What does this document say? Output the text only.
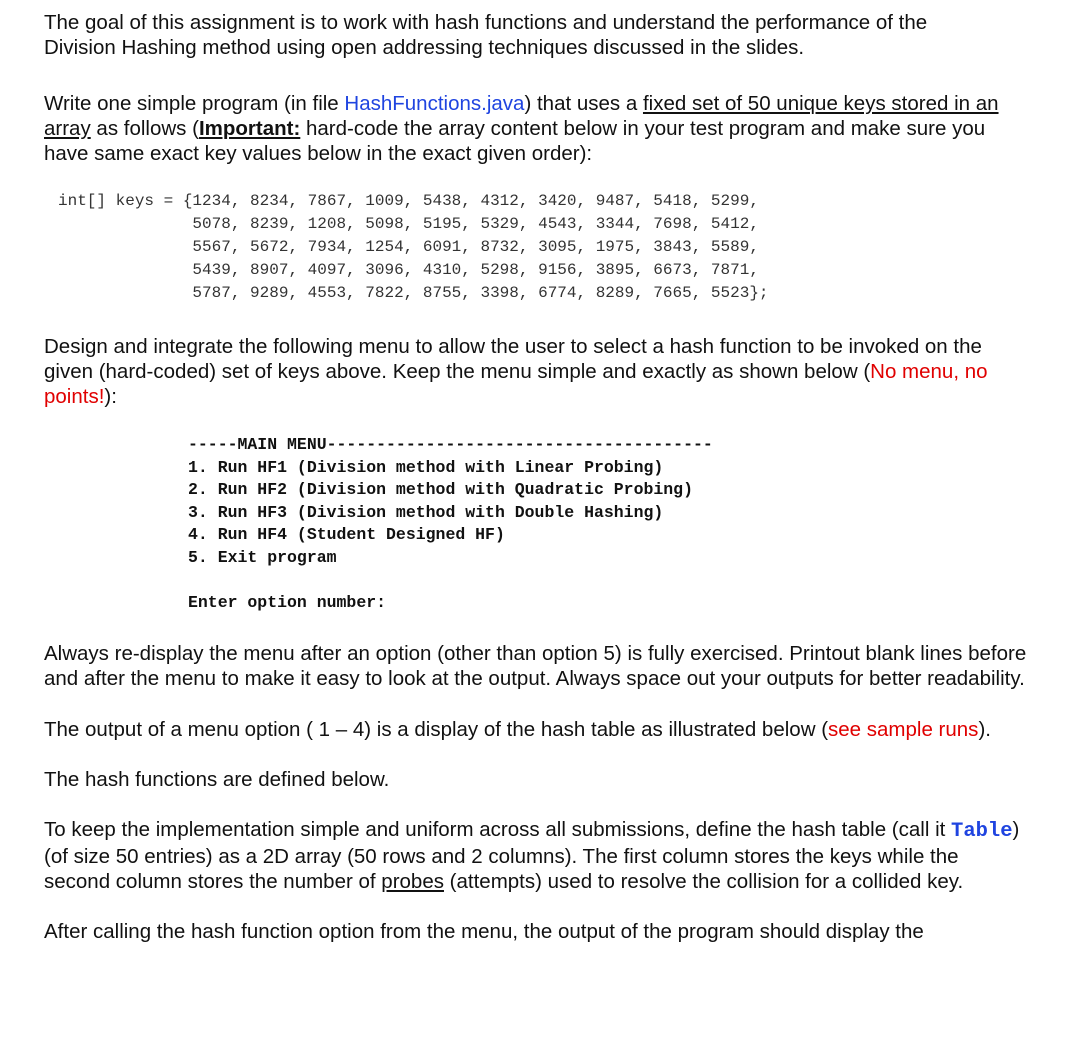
The goal of this assignment is to work with hash functions and understand the performance of the Division Hashing method using open addressing techniques discussed in the slides.

Write one simple program (in file HashFunctions.java) that uses a fixed set of 50 unique keys stored in an array as follows (Important: hard-code the array content below in your test program and make sure you have same exact key values below in the exact given order):

int[] keys = {1234, 8234, 7867, 1009, 5438, 4312, 3420, 9487, 5418, 5299,
5078, 8239, 1208, 5098, 5195, 5329, 4543, 3344, 7698, 5412,
5567, 5672, 7934, 1254, 6091, 8732, 3095, 1975, 3843, 5589,
5439, 8907, 4097, 3096, 4310, 5298, 9156, 3895, 6673, 7871,
5787, 9289, 4553, 7822, 8755, 3398, 6774, 8289, 7665, 5523};

Design and integrate the following menu to allow the user to select a hash function to be invoked on the given (hard-coded) set of keys above. Keep the menu simple and exactly as shown below (No menu, no points!):

-----MAIN MENU---------------------------------------
1. Run HF1 (Division method with Linear Probing)
2. Run HF2 (Division method with Quadratic Probing)
3. Run HF3 (Division method with Double Hashing)
4. Run HF4 (Student Designed HF)
5. Exit program
Enter option number:

Always re-display the menu after an option (other than option 5) is fully exercised. Printout blank lines before and after the menu to make it easy to look at the output. Always space out your outputs for better readability.

The output of a menu option ( 1 – 4) is a display of the hash table as illustrated below (see sample runs).

The hash functions are defined below.

To keep the implementation simple and uniform across all submissions, define the hash table (call it Table) (of size 50 entries) as a 2D array (50 rows and 2 columns). The first column stores the keys while the second column stores the number of probes (attempts) used to resolve the collision for a collided key.

After calling the hash function option from the menu, the output of the program should display the
